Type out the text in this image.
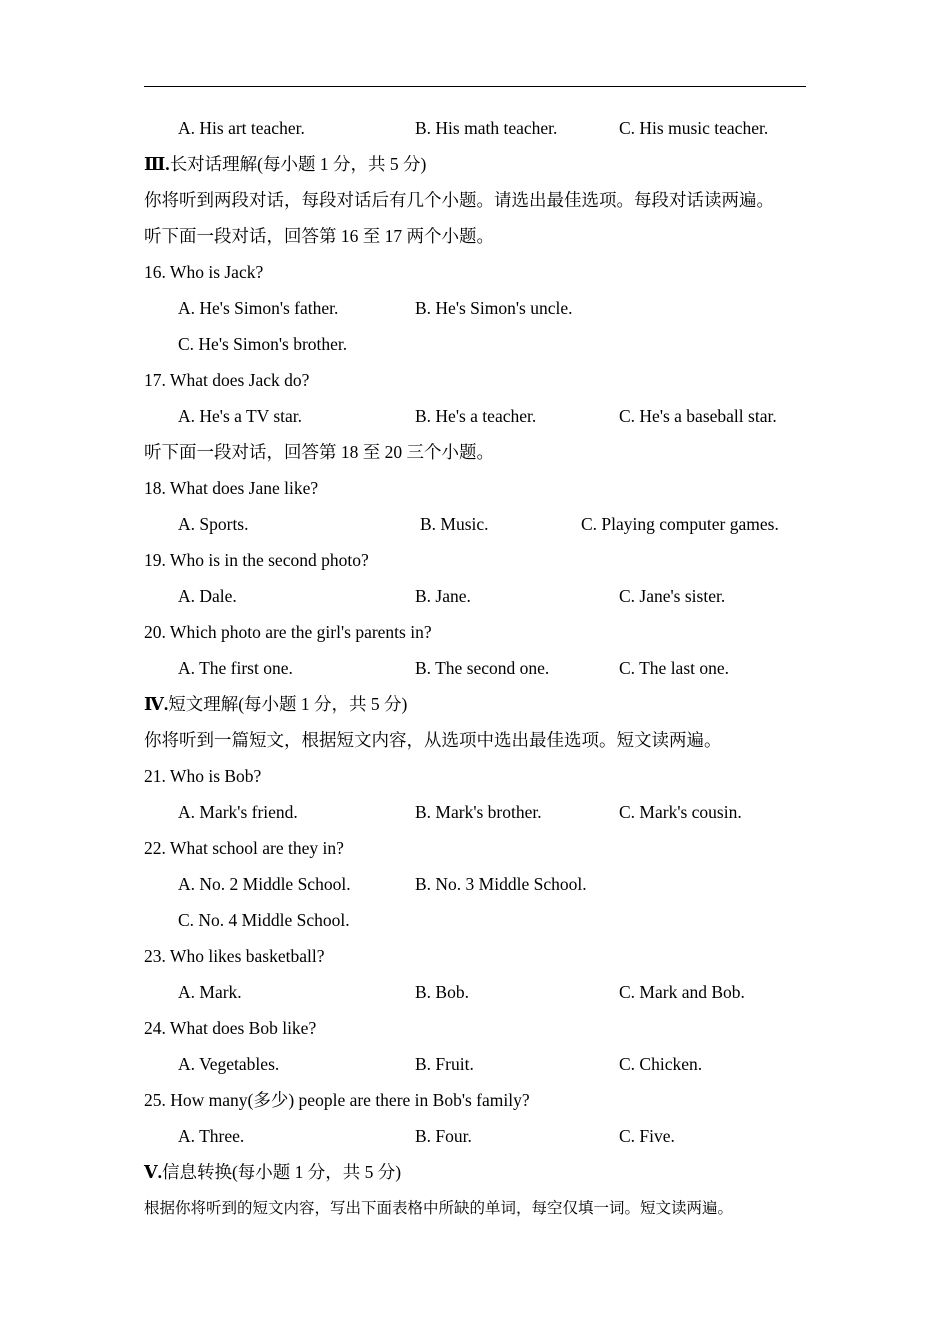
A. His art teacher.	B. His math teacher.	C. His music teacher.
Ⅲ.长对话理解(每小题 1 分，共 5 分)
你将听到两段对话，每段对话后有几个小题。请选出最佳选项。每段对话读两遍。
听下面一段对话，回答第 16 至 17 两个小题。
16. Who is Jack?
A. He's Simon's father.	B. He's Simon's uncle.
C. He's Simon's brother.
17. What does Jack do?
A. He's a TV star.	B. He's a teacher.	C. He's a baseball star.
听下面一段对话，回答第 18 至 20 三个小题。
18. What does Jane like?
A. Sports.	B. Music.	C. Playing computer games.
19. Who is in the second photo?
A. Dale.	B. Jane.	C. Jane's sister.
20. Which photo are the girl's parents in?
A. The first one.	B. The second one.	C. The last one.
Ⅳ.短文理解(每小题 1 分，共 5 分)
你将听到一篇短文，根据短文内容，从选项中选出最佳选项。短文读两遍。
21. Who is Bob?
A. Mark's friend.	B. Mark's brother.	C. Mark's cousin.
22. What school are they in?
A. No. 2 Middle School.	B. No. 3 Middle School.
C. No. 4 Middle School.
23. Who likes basketball?
A. Mark.	B. Bob.	C. Mark and Bob.
24. What does Bob like?
A. Vegetables.	B. Fruit.	C. Chicken.
25. How many(多少) people are there in Bob's family?
A. Three.	B. Four.	C. Five.
Ⅴ.信息转换(每小题 1 分，共 5 分)
根据你将听到的短文内容，写出下面表格中所缺的单词，每空仅填一词。短文读两遍。
